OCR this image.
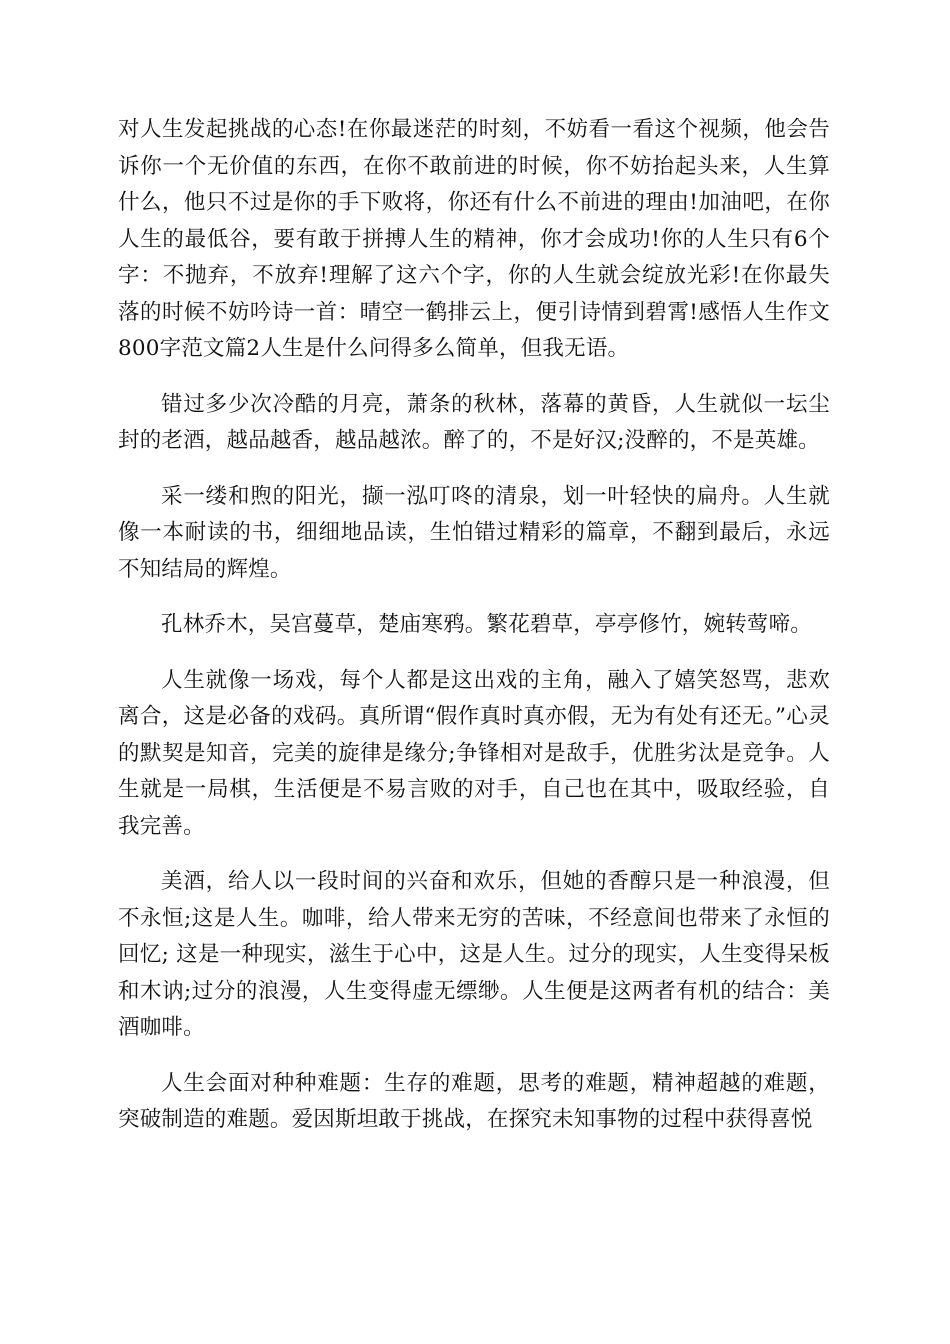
对人生发起挑战的心态!在你最迷茫的时刻，不妨看一看这个视频，他会告诉你一个无价值的东西，在你不敢前进的时候，你不妨抬起头来，人生算什么，他只不过是你的手下败将，你还有什么不前进的理由!加油吧，在你人生的最低谷，要有敢于拼搏人生的精神，你才会成功!你的人生只有6个字：不抛弃，不放弃!理解了这六个字，你的人生就会绽放光彩!在你最失落的时候不妨吟诗一首：晴空一鹤排云上，便引诗情到碧霄!感悟人生作文800字范文篇2人生是什么问得多么简单，但我无语。

错过多少次冷酷的月亮，萧条的秋林，落幕的黄昏，人生就似一坛尘封的老酒，越品越香，越品越浓。醉了的，不是好汉;没醉的，不是英雄。

采一缕和煦的阳光，撷一泓叮咚的清泉，划一叶轻快的扁舟。人生就像一本耐读的书，细细地品读，生怕错过精彩的篇章，不翻到最后，永远不知结局的辉煌。

孔林乔木，吴宫蔓草，楚庙寒鸦。繁花碧草，亭亭修竹，婉转莺啼。

人生就像一场戏，每个人都是这出戏的主角，融入了嬉笑怒骂，悲欢离合，这是必备的戏码。真所谓“假作真时真亦假，无为有处有还无。”心灵的默契是知音，完美的旋律是缘分;争锋相对是敌手，优胜劣汰是竞争。人生就是一局棋，生活便是不易言败的对手，自己也在其中，吸取经验，自我完善。

美酒，给人以一段时间的兴奋和欢乐，但她的香醇只是一种浪漫，但不永恒;这是人生。咖啡，给人带来无穷的苦味，不经意间也带来了永恒的回忆; 这是一种现实，滋生于心中，这是人生。过分的现实，人生变得呆板和木讷;过分的浪漫，人生变得虚无缥缈。人生便是这两者有机的结合：美酒咖啡。

人生会面对种种难题：生存的难题，思考的难题，精神超越的难题，突破制造的难题。爱因斯坦敢于挑战，在探究未知事物的过程中获得喜悦
